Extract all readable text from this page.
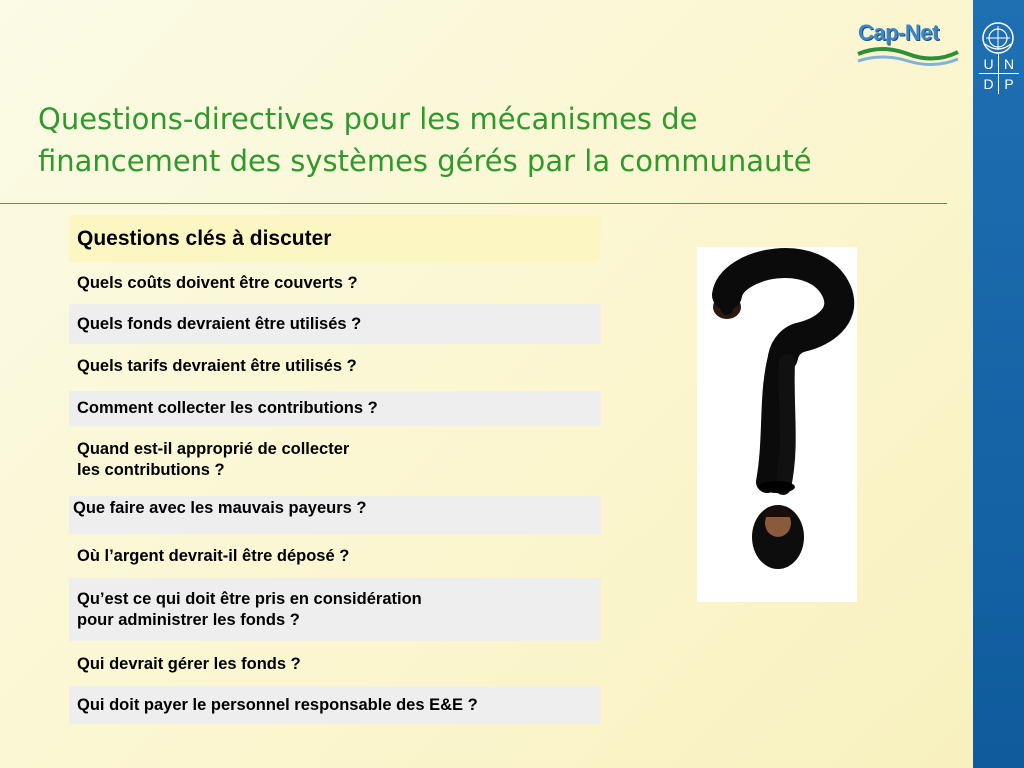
U N
D P
Cap-Net
Questions-directives pour les mécanismes de
financement des systèmes gérés par la communauté
Questions clés à discuter
Quels coûts doivent être couverts ?
Quels fonds devraient être utilisés ?
Quels tarifs devraient être utilisés ?
Comment collecter les contributions ?
Quand est-il approprié de collecter
les contributions ?
Que faire avec les mauvais payeurs ?
Où l’argent devrait-il être déposé ?
Qu’est ce qui doit être pris en considération
pour administrer les fonds ?
Qui devrait gérer les fonds ?
Qui doit payer le personnel responsable des E&E ?
